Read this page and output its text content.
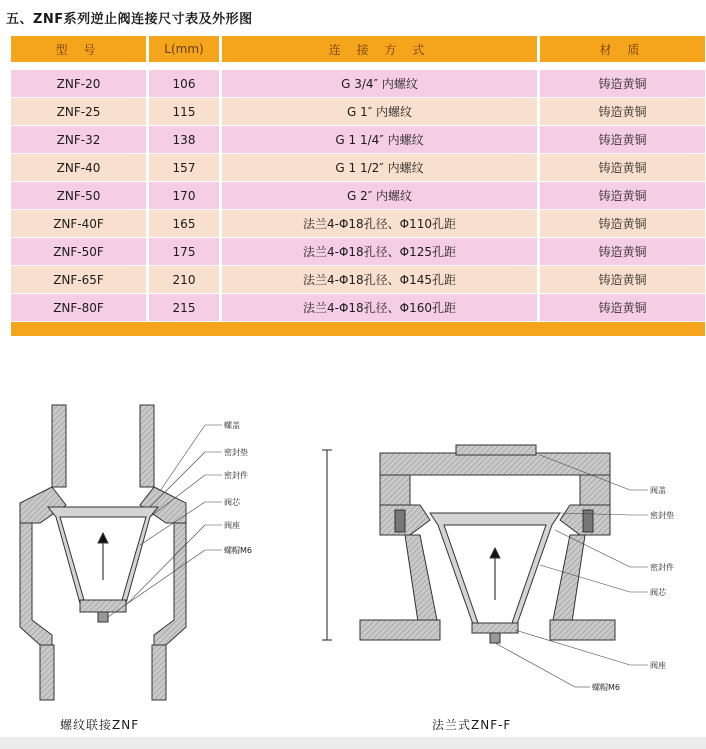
五、ZNF系列逆止阀连接尺寸表及外形图
型 号	L(mm)	连 接 方 式	材 质

ZNF-20	106	G 3/4″ 内螺纹	铸造黄铜
ZNF-25	115	G 1″ 内螺纹	铸造黄铜
ZNF-32	138	G 1 1/4″ 内螺纹	铸造黄铜
ZNF-40	157	G 1 1/2″ 内螺纹	铸造黄铜
ZNF-50	170	G 2″ 内螺纹	铸造黄铜
ZNF-40F	165	法兰4-Φ18孔径、Φ110孔距	铸造黄铜
ZNF-50F	175	法兰4-Φ18孔径、Φ125孔距	铸造黄铜
ZNF-65F	210	法兰4-Φ18孔径、Φ145孔距	铸造黄铜
ZNF-80F	215	法兰4-Φ18孔径、Φ160孔距	铸造黄铜

螺盖
密封垫
密封件
阀芯
阀座
螺帽M6
阀盖
密封垫
密封件
阀芯
阀座
螺帽M6
螺纹联接ZNF	法兰式ZNF-F
